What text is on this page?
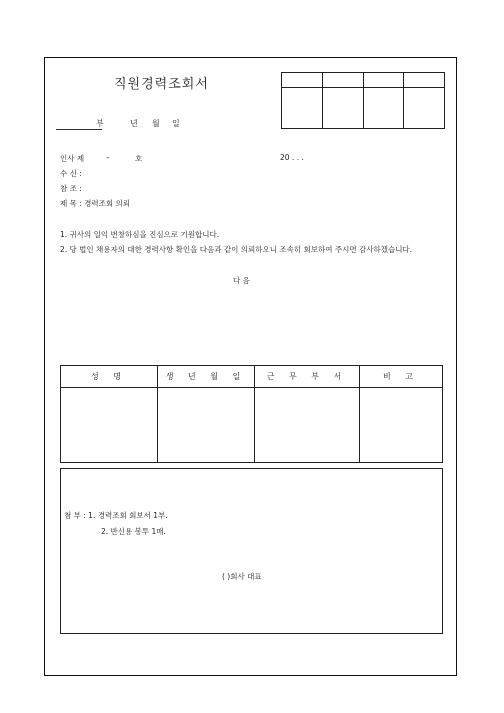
직원경력조회서

부	년 월 일
인사 제	–	호	20 . . .
수 신 :
참 조 :
제 목 : 경력조회 의뢰
1. 귀사의 일익 번창하심을 진심으로 기원합니다.
2. 당 법인 채용자의 대한 경력사항 확인을 다음과 같이 의뢰하오니 조속히 회보하여 주시면 감사하겠습니다.
다 음
성 명	생 년 월 일	근 무 부 서	비 고

첨 부 : 1. 경력조회 회보서 1부.
2. 반신용 봉투 1매.
( )회사 대표
